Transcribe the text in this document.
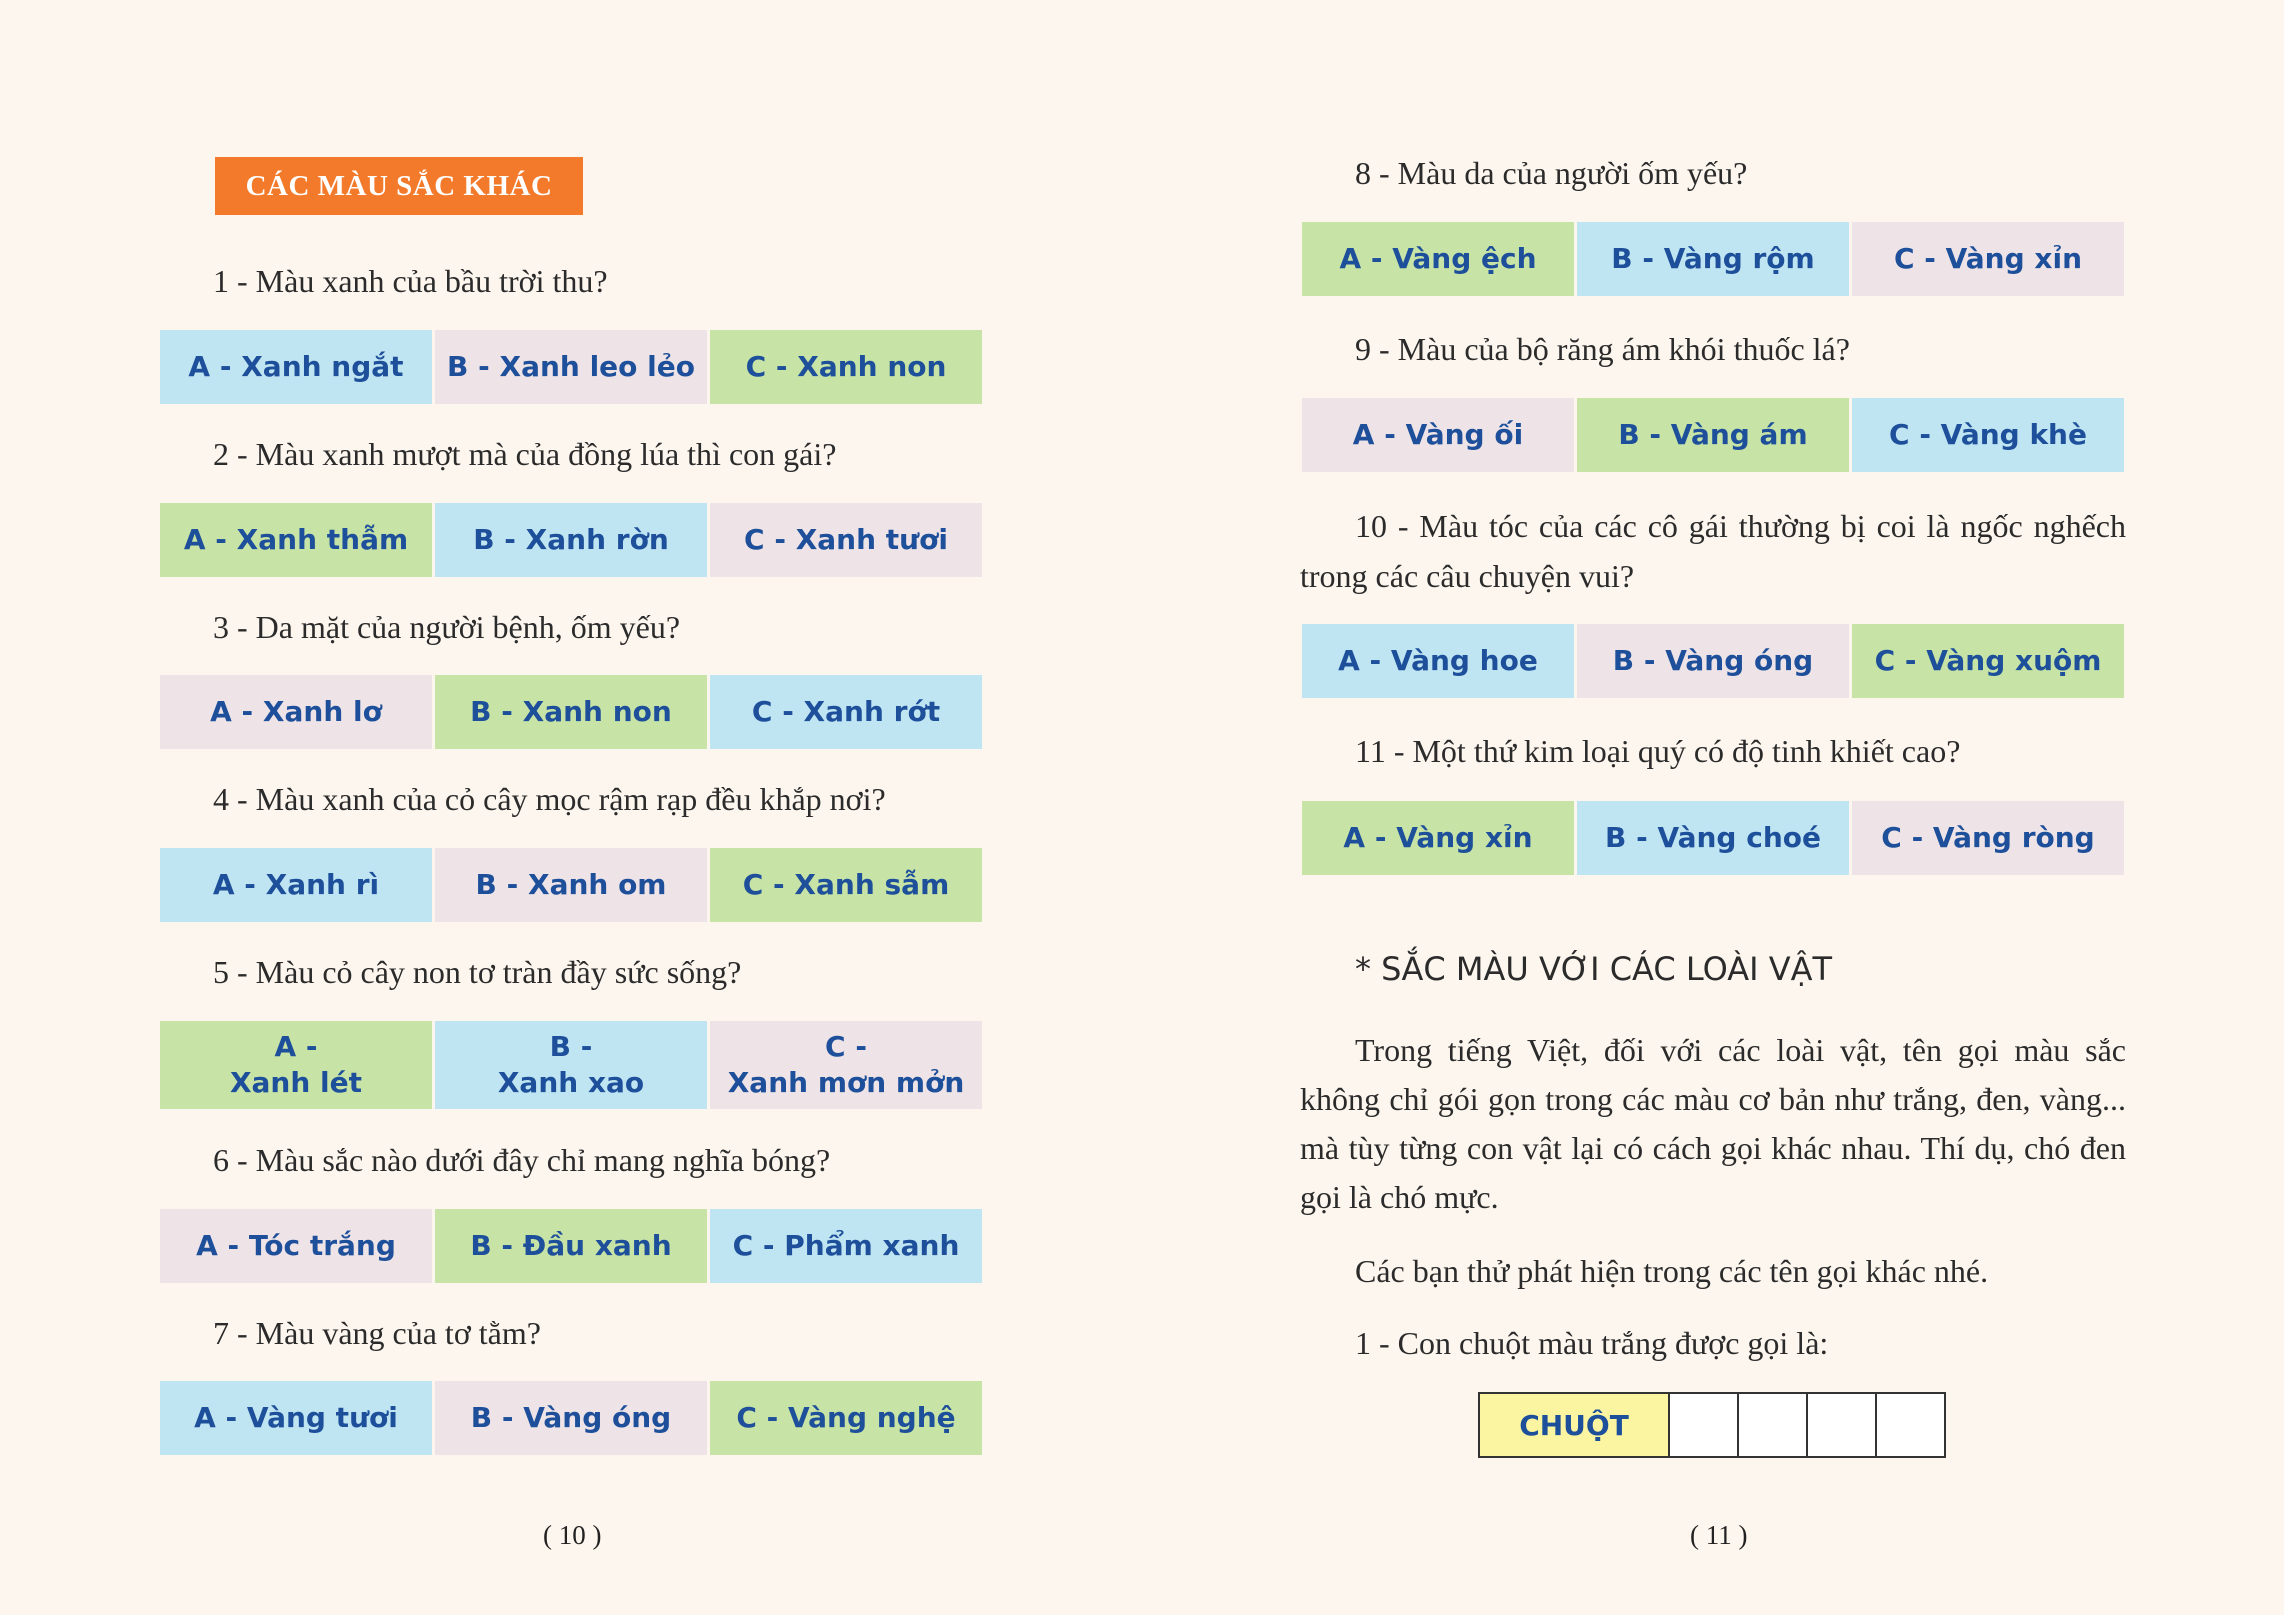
CÁC MÀU SẮC KHÁC
1 - Màu xanh của bầu trời thu?
A - Xanh ngắt	B - Xanh leo lẻo	C - Xanh non
2 - Màu xanh mượt mà của đồng lúa thì con gái?
A - Xanh thẫm	B - Xanh rờn	C - Xanh tươi
3 - Da mặt của người bệnh, ốm yếu?
A - Xanh lơ	B - Xanh non	C - Xanh rớt
4 - Màu xanh của cỏ cây mọc rậm rạp đều khắp nơi?
A - Xanh rì	B - Xanh om	C - Xanh sẫm
5 - Màu cỏ cây non tơ tràn đầy sức sống?
A -
Xanh lét
B -
Xanh xao
C -
Xanh mơn mởn
6 - Màu sắc nào dưới đây chỉ mang nghĩa bóng?
A - Tóc trắng	B - Đầu xanh	C - Phẩm xanh
7 - Màu vàng của tơ tằm?
A - Vàng tươi	B - Vàng óng	C - Vàng nghệ
( 10 )
8 - Màu da của người ốm yếu?
A - Vàng ệch	B - Vàng rộm	C - Vàng xỉn
9 - Màu của bộ răng ám khói thuốc lá?
A - Vàng ối	B - Vàng ám	C - Vàng khè
10 - Màu tóc của các cô gái thường bị coi là ngốc nghếch trong các câu chuyện vui?
A - Vàng hoe	B - Vàng óng	C - Vàng xuộm
11 - Một thứ kim loại quý có độ tinh khiết cao?
A - Vàng xỉn	B - Vàng choé	C - Vàng ròng
* SẮC MÀU VỚI CÁC LOÀI VẬT
Trong tiếng Việt, đối với các loài vật, tên gọi màu sắc không chỉ gói gọn trong các màu cơ bản như trắng, đen, vàng... mà tùy từng con vật lại có cách gọi khác nhau. Thí dụ, chó đen gọi là chó mực.
Các bạn thử phát hiện trong các tên gọi khác nhé.
1 - Con chuột màu trắng được gọi là:
CHUỘT
( 11 )
